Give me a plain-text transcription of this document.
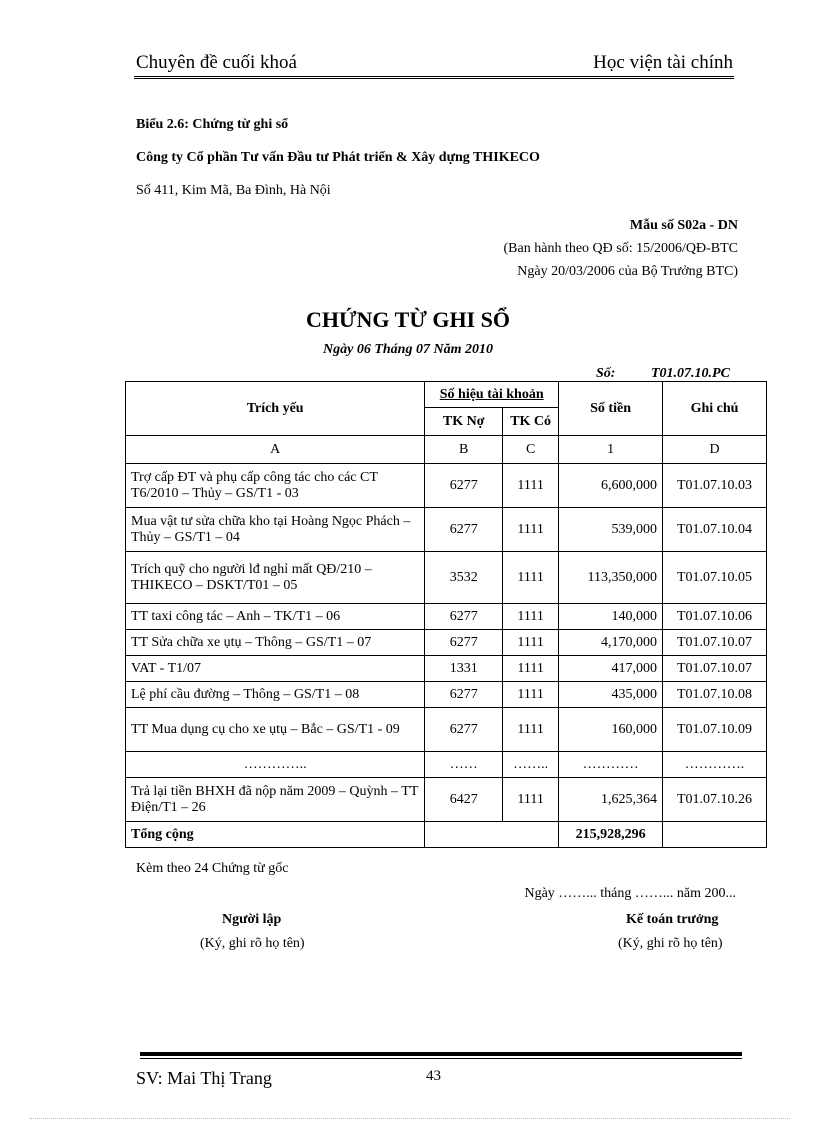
Chuyên đề cuối khoá	Học viện tài chính
Biểu 2.6: Chứng từ ghi sổ
Công ty Cổ phần Tư vấn Đầu tư Phát triển & Xây dựng THIKECO
Số 411, Kim Mã, Ba Đình, Hà Nội
Mẫu số S02a - DN
(Ban hành theo QĐ số: 15/2006/QĐ-BTC
Ngày 20/03/2006 của Bộ Trưởng BTC)
CHỨNG TỪ GHI SỔ
Ngày 06 Tháng 07 Năm 2010
Số:	T01.07.10.PC
Trích yếu	Số hiệu tài khoản		Số tiền	Ghi chú
	TK Nợ	TK Có		
A	B	C	1	D
Trợ cấp ĐT và phụ cấp công tác cho các CT T6/2010 – Thủy – GS/T1 - 03	6277	1111	6,600,000	T01.07.10.03
Mua vật tư sửa chữa kho tại Hoàng Ngọc Phách – Thủy – GS/T1 – 04	6277	1111	539,000	T01.07.10.04
Trích quỹ cho người lđ nghỉ mất QĐ/210 – THIKECO – DSKT/T01 – 05	3532	1111	113,350,000	T01.07.10.05
TT taxi công tác – Anh – TK/T1 – 06	6277	1111	140,000	T01.07.10.06
TT Sửa chữa xe ụtụ – Thông – GS/T1 – 07	6277	1111	4,170,000	T01.07.10.07
VAT - T1/07	1331	1111	417,000	T01.07.10.07
Lệ phí cầu đường – Thông – GS/T1 – 08	6277	1111	435,000	T01.07.10.08
TT Mua dụng cụ cho xe ụtụ – Bắc – GS/T1 - 09	6277	1111	160,000	T01.07.10.09
…………..	……	……..	…………	………….
Trả lại tiền BHXH đã nộp năm 2009 – Quỳnh – TT Điện/T1 – 26	6427	1111	1,625,364	T01.07.10.26
Tổng cộng			215,928,296	
Kèm theo 24 Chứng từ gốc
Ngày ……... tháng ……... năm 200...
Người lập
(Ký, ghi rõ họ tên)
Kế toán trưởng
(Ký, ghi rõ họ tên)
SV: Mai Thị Trang	43
